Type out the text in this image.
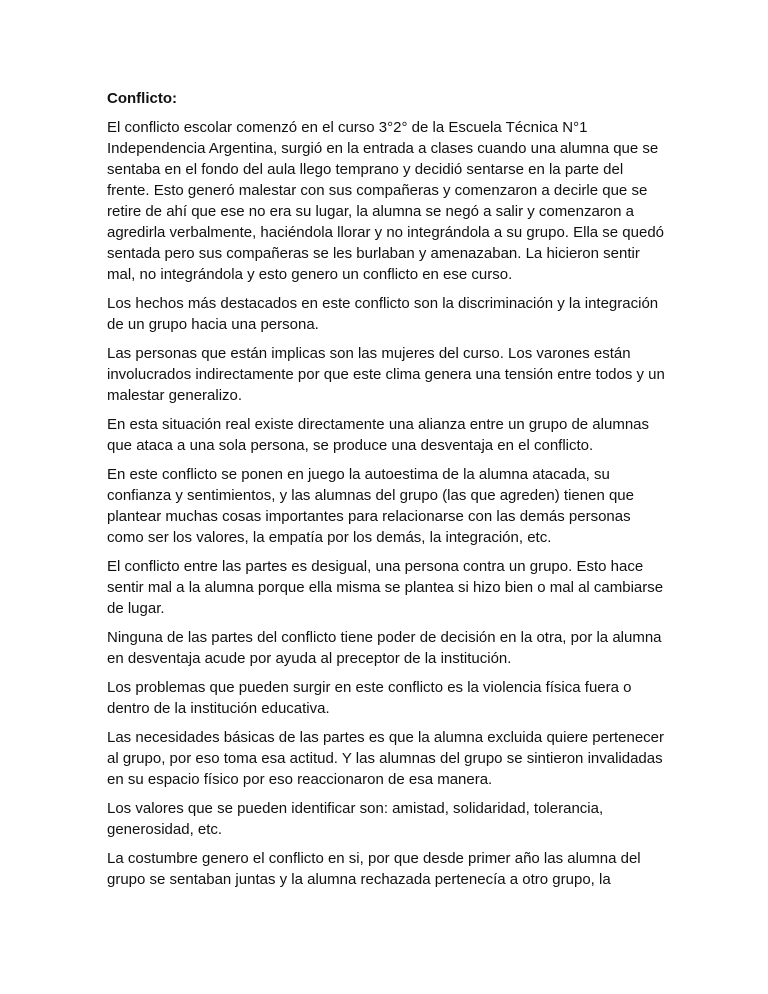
Conflicto:

El conflicto escolar comenzó en el curso 3°2° de la Escuela Técnica N°1 Independencia Argentina, surgió en la entrada a clases cuando una alumna que se sentaba en el fondo del aula llego temprano y decidió sentarse en la parte del frente. Esto generó malestar con sus compañeras y comenzaron a decirle que se retire de ahí que ese no era su lugar, la alumna se negó a salir y comenzaron a agredirla verbalmente, haciéndola llorar y no integrándola a su grupo. Ella se quedó sentada pero sus compañeras se les burlaban y amenazaban. La hicieron sentir mal, no integrándola y esto genero un conflicto en ese curso.

Los hechos más destacados en este conflicto son la discriminación y la integración de un grupo hacia una persona.

Las personas que están implicas son las mujeres del curso. Los varones están involucrados indirectamente por que este clima genera una tensión entre todos y un malestar generalizo.

En esta situación real existe directamente una alianza entre un grupo de alumnas que ataca a una sola persona, se produce una desventaja en el conflicto.

En este conflicto se ponen en juego la autoestima de la alumna atacada, su confianza y sentimientos, y las alumnas del grupo (las que agreden) tienen que plantear muchas cosas importantes para relacionarse con las demás personas como ser los valores, la empatía por los demás, la integración, etc.

El conflicto entre las partes es desigual, una persona contra un grupo. Esto hace sentir mal a la alumna porque ella misma se plantea si hizo bien o mal al cambiarse de lugar.

Ninguna de las partes del conflicto tiene poder de decisión en la otra, por la alumna en desventaja acude por ayuda al preceptor de la institución.

Los problemas que pueden surgir en este conflicto es la violencia física fuera o dentro de la institución educativa.

Las necesidades básicas de las partes es que la alumna excluida quiere pertenecer al grupo, por eso toma esa actitud. Y las alumnas del grupo se sintieron invalidadas en su espacio físico por eso reaccionaron de esa manera.

Los valores que se pueden identificar son: amistad, solidaridad, tolerancia, generosidad, etc.

La costumbre genero el conflicto en si, por que desde primer año las alumna del grupo se sentaban juntas y la alumna rechazada pertenecía a otro grupo, la
